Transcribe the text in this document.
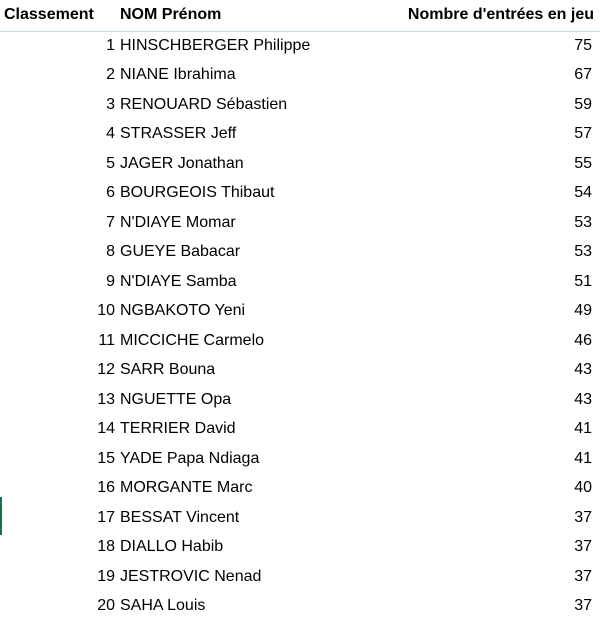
Classement	NOM Prénom	Nombre d'entrées en jeu
1	HINSCHBERGER Philippe	75
2	NIANE Ibrahima	67
3	RENOUARD Sébastien	59
4	STRASSER Jeff	57
5	JAGER Jonathan	55
6	BOURGEOIS Thibaut	54
7	N'DIAYE Momar	53
8	GUEYE Babacar	53
9	N'DIAYE Samba	51
10	NGBAKOTO Yeni	49
11	MICCICHE Carmelo	46
12	SARR Bouna	43
13	NGUETTE Opa	43
14	TERRIER David	41
15	YADE Papa Ndiaga	41
16	MORGANTE Marc	40
17	BESSAT Vincent	37
18	DIALLO Habib	37
19	JESTROVIC Nenad	37
20	SAHA Louis	37
